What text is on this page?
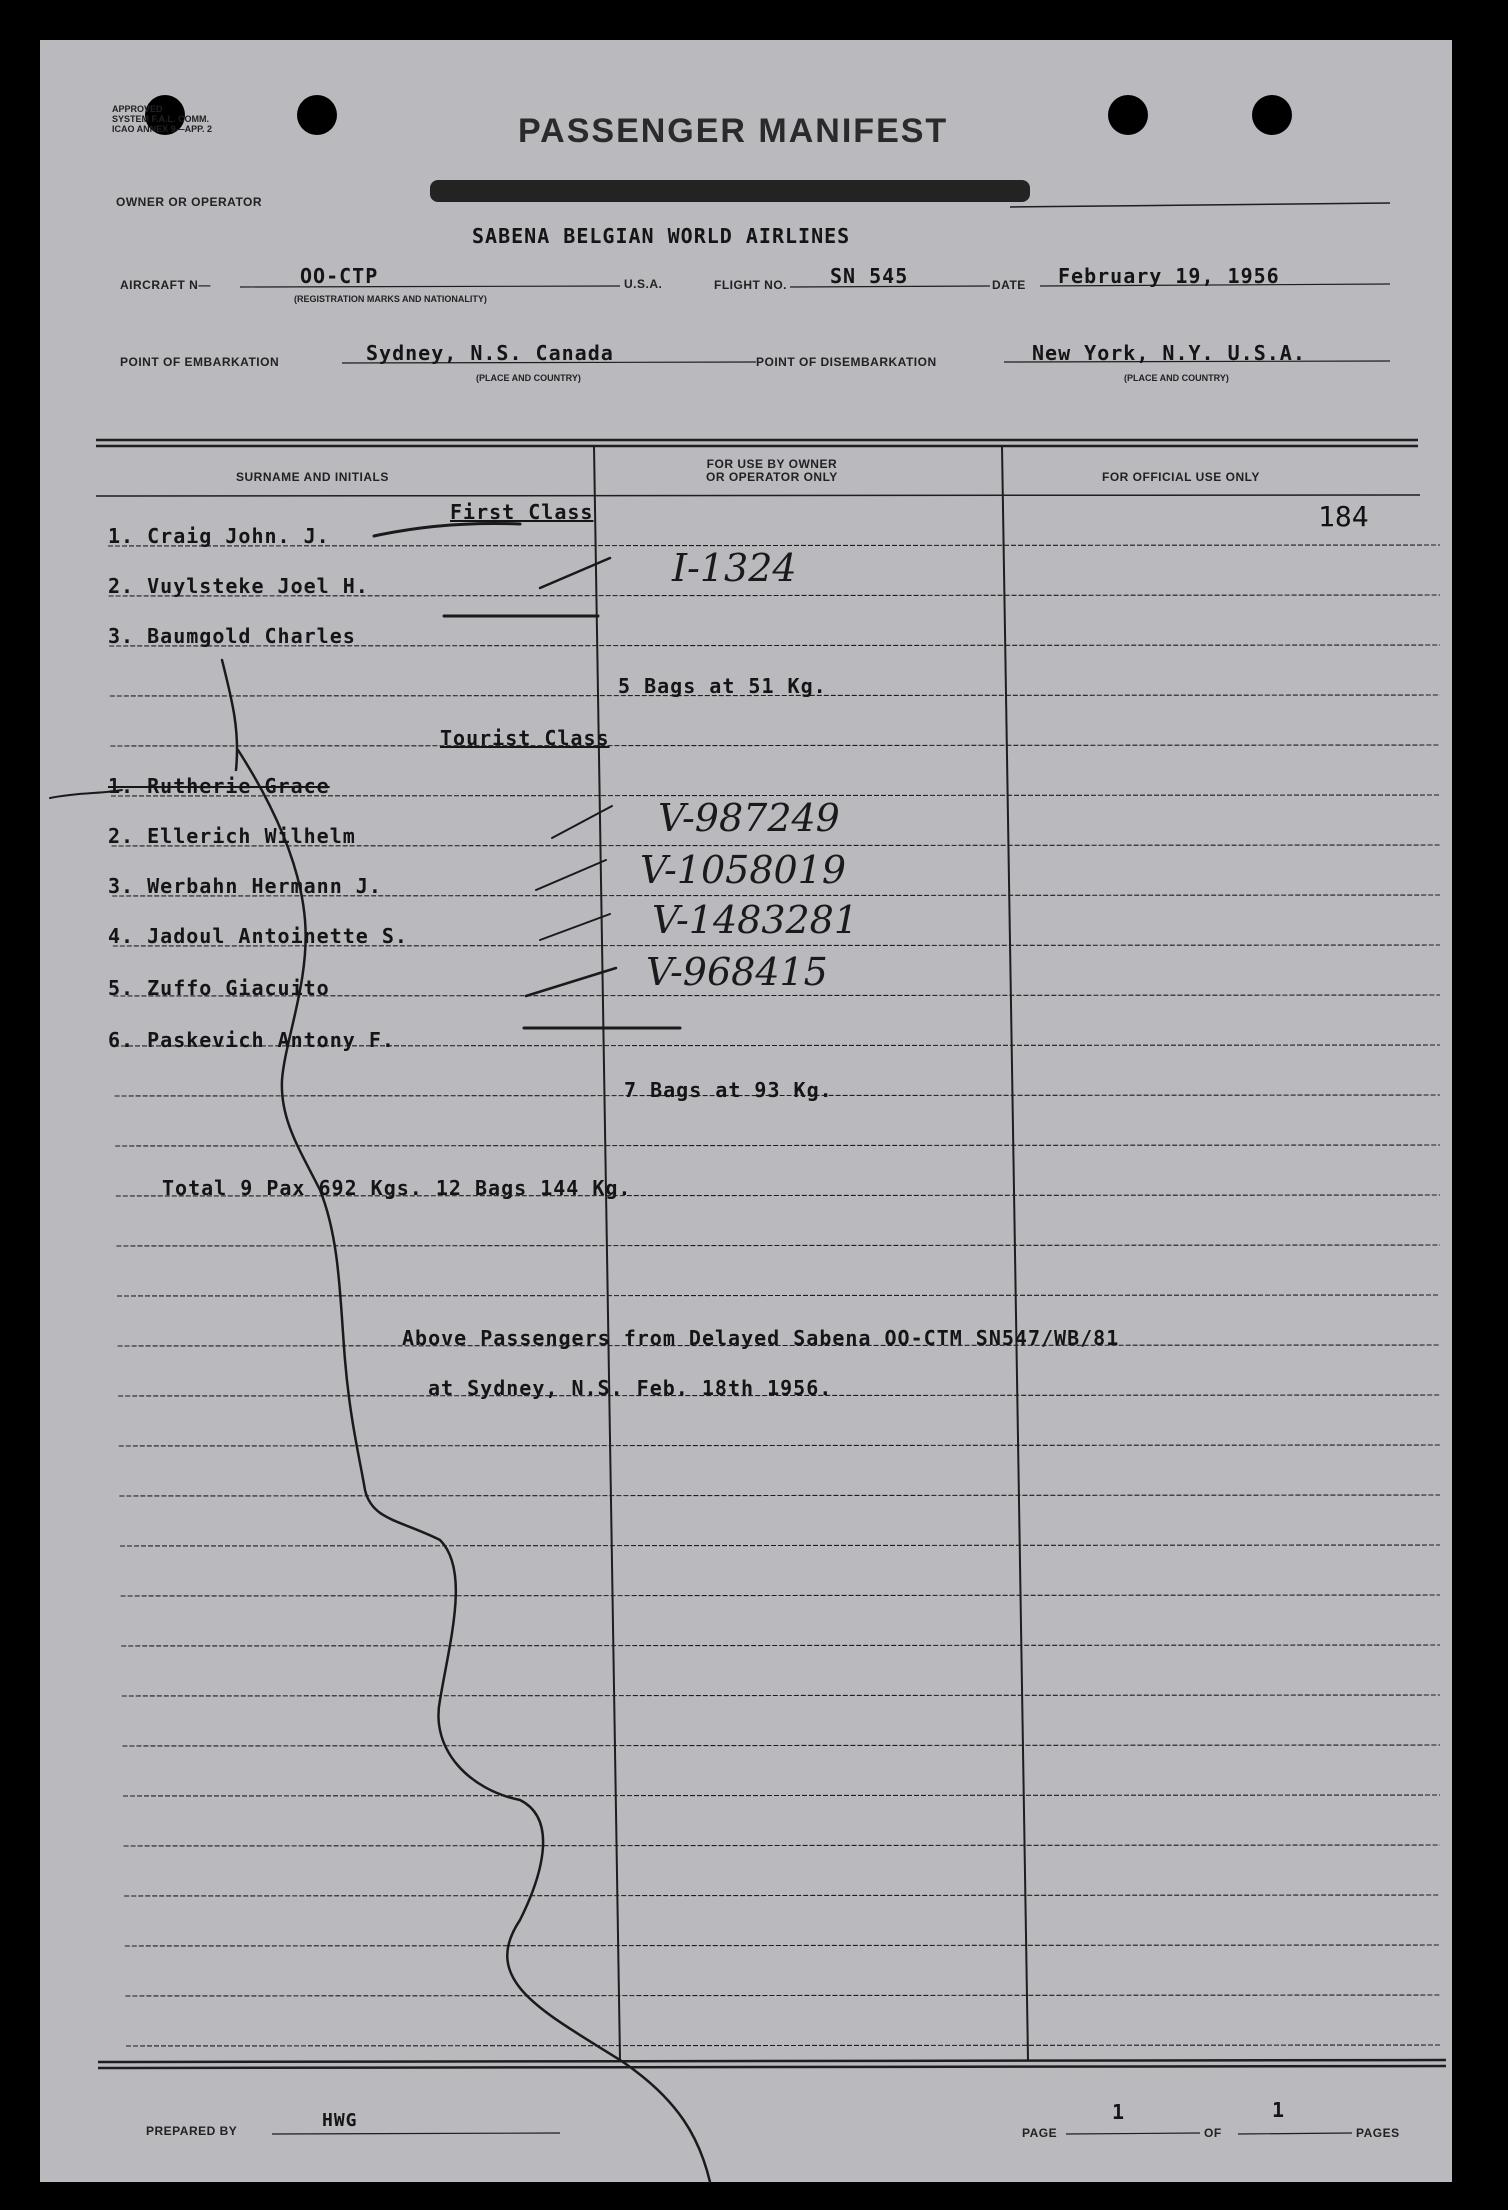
APPROVED
SYSTEM F.A.L. COMM.
ICAO ANNEX 9—APP. 2	PASSENGER MANIFEST
OWNER OR OPERATOR
SABENA BELGIAN WORLD AIRLINES
AIRCRAFT N—	OO-CTP
(REGISTRATION MARKS AND NATIONALITY)
U.S.A.	FLIGHT NO. SN 545	DATE February 19, 1956
POINT OF EMBARKATION	Sydney, N.S. Canada
(PLACE AND COUNTRY)
POINT OF DISEMBARKATION	New York, N.Y. U.S.A.
(PLACE AND COUNTRY)
SURNAME AND INITIALS
FOR USE BY OWNER
OR OPERATOR ONLY	FOR OFFICIAL USE ONLY
184
First Class
1. Craig John. J.
2. Vuylsteke Joel H.	I-1324
3. Baumgold Charles
5 Bags at 51 Kg.
Tourist Class
1. Rutherie Grace
2. Ellerich Wilhelm	V-987249
3. Werbahn Hermann J.	V-1058019
4. Jadoul Antoinette S.	V-1483281
5. Zuffo Giacuito	V-968415
6. Paskevich Antony F.
7 Bags at 93 Kg.
Total 9 Pax 692 Kgs. 12 Bags 144 Kg.
Above Passengers from Delayed Sabena OO-CTM SN547/WB/81
at Sydney, N.S. Feb. 18th 1956.
PREPARED BY	HWG
PAGE
1
OF
1
PAGES
